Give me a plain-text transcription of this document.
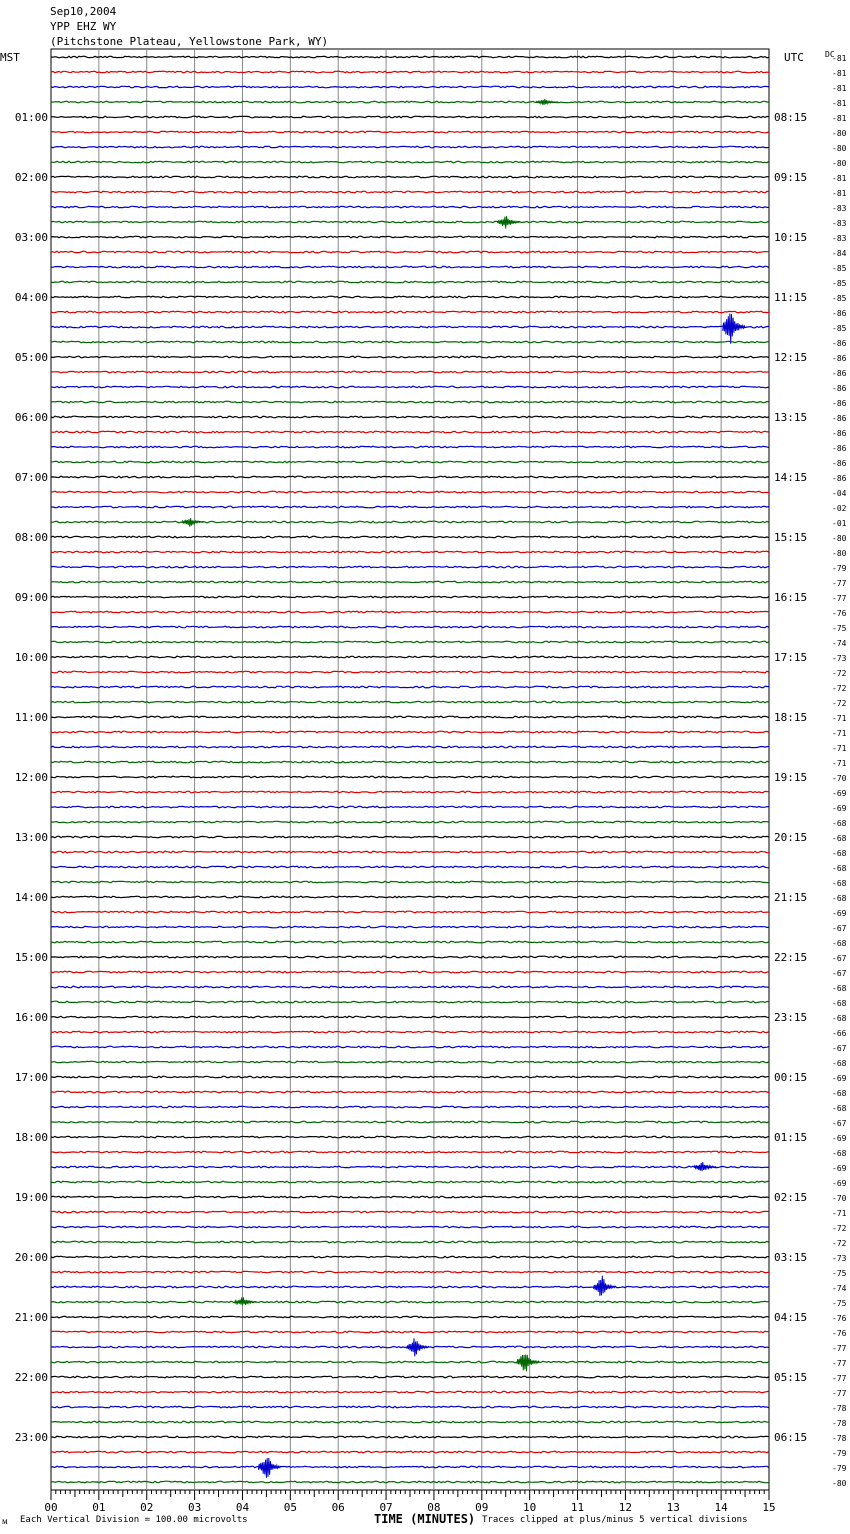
Sep10,2004
YPP EHZ WY
(Pitchstone Plateau, Yellowstone Park, WY)
MST	UTC	DC
01:00
02:00
03:00
04:00
05:00
06:00
07:00
08:00
09:00
10:00
11:00
12:00
13:00
14:00
15:00
16:00
17:00
18:00
19:00
20:00
21:00
22:00
23:00
08:15
09:15
10:15
11:15
12:15
13:15
14:15
15:15
16:15
17:15
18:15
19:15
20:15
21:15
22:15
23:15
00:15
01:15
02:15
03:15
04:15
05:15
06:15
-81
-81
-81
-81
-81
-80
-80
-80
-81
-81
-83
-83
-83
-84
-85
-85
-85
-86
-85
-86
-86
-86
-86
-86
-86
-86
-86
-86
-86
-04
-02
-01
-80
-80
-79
-77
-77
-76
-75
-74
-73
-72
-72
-72
-71
-71
-71
-71
-70
-69
-69
-68
-68
-68
-68
-68
-68
-69
-67
-68
-67
-67
-68
-68
-68
-66
-67
-68
-69
-68
-68
-67
-69
-68
-69
-69
-70
-71
-72
-72
-73
-75
-74
-75
-76
-76
-77
-77
-77
-77
-78
-78
-78
-79
-79
-80
00	01	02	03	04	05	06	07	08	09	10	11	12	13	14	15
ᴍ Each Vertical Division = 100.00 microvolts	TIME (MINUTES) Traces clipped at plus/minus 5 vertical divisions
